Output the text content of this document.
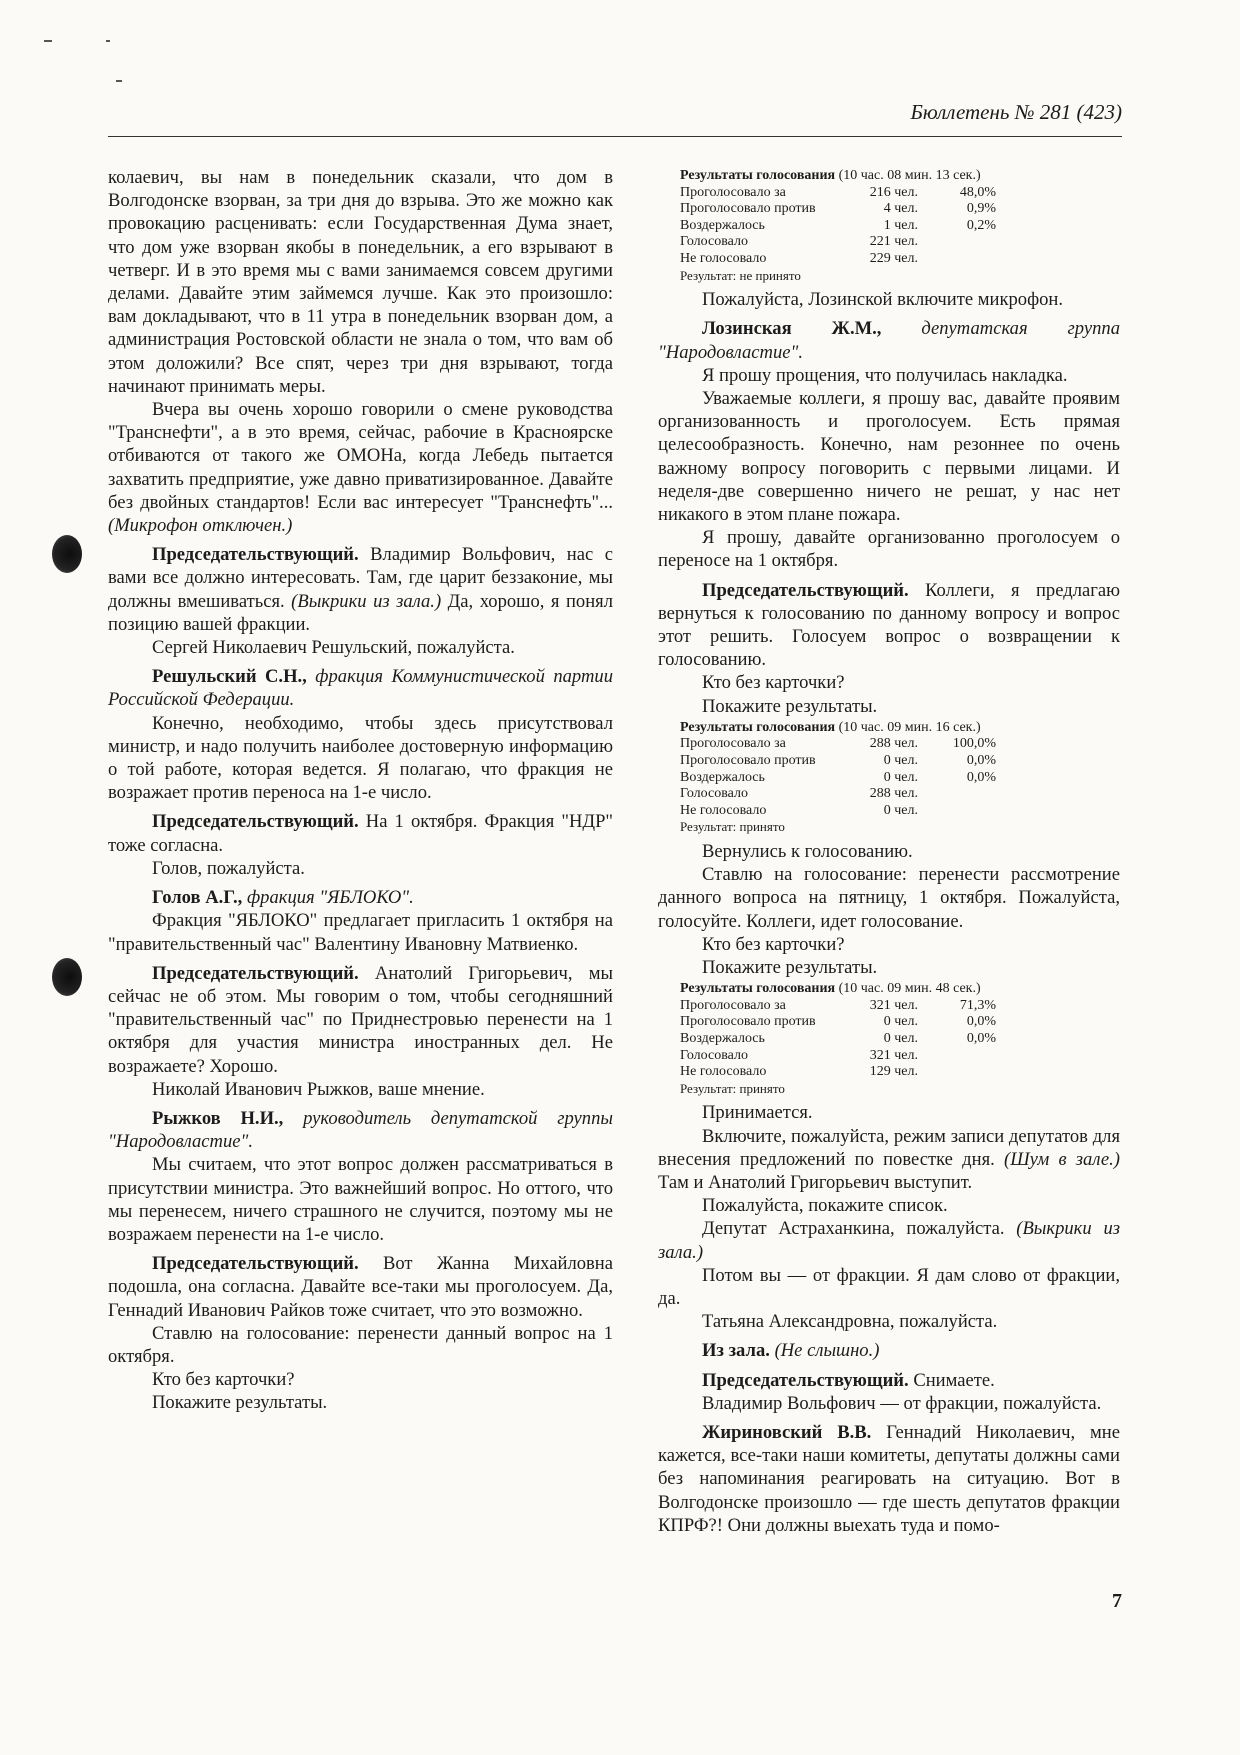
Бюллетень № 281 (423)

колаевич, вы нам в понедельник сказали, что дом в Волгодонске взорван, за три дня до взрыва. Это же можно как провокацию расценивать: если Государственная Дума знает, что дом уже взорван якобы в понедельник, а его взрывают в четверг. И в это время мы с вами занимаемся совсем другими делами. Давайте этим займемся лучше. Как это произошло: вам докладывают, что в 11 утра в понедельник взорван дом, а администрация Ростовской области не знала о том, что вам об этом доложили? Все спят, через три дня взрывают, тогда начинают принимать меры.

Вчера вы очень хорошо говорили о смене руководства "Транснефти", а в это время, сейчас, рабочие в Красноярске отбиваются от такого же ОМОНа, когда Лебедь пытается захватить предприятие, уже давно приватизированное. Давайте без двойных стандартов! Если вас интересует "Транснефть"... (Микрофон отключен.)

Председательствующий. Владимир Вольфович, нас с вами все должно интересовать. Там, где царит беззаконие, мы должны вмешиваться. (Выкрики из зала.) Да, хорошо, я понял позицию вашей фракции.

Сергей Николаевич Решульский, пожалуйста.

Решульский С.Н., фракция Коммунистической партии Российской Федерации.

Конечно, необходимо, чтобы здесь присутствовал министр, и надо получить наиболее достоверную информацию о той работе, которая ведется. Я полагаю, что фракция не возражает против переноса на 1-е число.

Председательствующий. На 1 октября. Фракция "НДР" тоже согласна.

Голов, пожалуйста.

Голов А.Г., фракция "ЯБЛОКО".

Фракция "ЯБЛОКО" предлагает пригласить 1 октября на "правительственный час" Валентину Ивановну Матвиенко.

Председательствующий. Анатолий Григорьевич, мы сейчас не об этом. Мы говорим о том, чтобы сегодняшний "правительственный час" по Приднестровью перенести на 1 октября для участия министра иностранных дел. Не возражаете? Хорошо.

Николай Иванович Рыжков, ваше мнение.

Рыжков Н.И., руководитель депутатской группы "Народовластие".

Мы считаем, что этот вопрос должен рассматриваться в присутствии министра. Это важнейший вопрос. Но оттого, что мы перенесем, ничего страшного не случится, поэтому мы не возражаем перенести на 1-е число.

Председательствующий. Вот Жанна Михайловна подошла, она согласна. Давайте все-таки мы проголосуем. Да, Геннадий Иванович Райков тоже считает, что это возможно.

Ставлю на голосование: перенести данный вопрос на 1 октября.

Кто без карточки?

Покажите результаты.

Результаты голосования (10 час. 08 мин. 13 сек.)
Проголосовало за	216 чел.	48,0%
Проголосовало против	4 чел.	0,9%
Воздержалось	1 чел.	0,2%
Голосовало	221 чел.
Не голосовало	229 чел.
Результат: не принято

Пожалуйста, Лозинской включите микрофон.

Лозинская Ж.М., депутатская группа "Народовластие".

Я прошу прощения, что получилась накладка.

Уважаемые коллеги, я прошу вас, давайте проявим организованность и проголосуем. Есть прямая целесообразность. Конечно, нам резоннее по очень важному вопросу поговорить с первыми лицами. И неделя-две совершенно ничего не решат, у нас нет никакого в этом плане пожара.

Я прошу, давайте организованно проголосуем о переносе на 1 октября.

Председательствующий. Коллеги, я предлагаю вернуться к голосованию по данному вопросу и вопрос этот решить. Голосуем вопрос о возвращении к голосованию.

Кто без карточки?

Покажите результаты.

Результаты голосования (10 час. 09 мин. 16 сек.)
Проголосовало за	288 чел.	100,0%
Проголосовало против	0 чел.	0,0%
Воздержалось	0 чел.	0,0%
Голосовало	288 чел.
Не голосовало	0 чел.
Результат: принято

Вернулись к голосованию.

Ставлю на голосование: перенести рассмотрение данного вопроса на пятницу, 1 октября. Пожалуйста, голосуйте. Коллеги, идет голосование.

Кто без карточки?

Покажите результаты.

Результаты голосования (10 час. 09 мин. 48 сек.)
Проголосовало за	321 чел.	71,3%
Проголосовало против	0 чел.	0,0%
Воздержалось	0 чел.	0,0%
Голосовало	321 чел.
Не голосовало	129 чел.
Результат: принято

Принимается.

Включите, пожалуйста, режим записи депутатов для внесения предложений по повестке дня. (Шум в зале.) Там и Анатолий Григорьевич выступит.

Пожалуйста, покажите список.

Депутат Астраханкина, пожалуйста. (Выкрики из зала.)

Потом вы — от фракции. Я дам слово от фракции, да.

Татьяна Александровна, пожалуйста.

Из зала. (Не слышно.)

Председательствующий. Снимаете.

Владимир Вольфович — от фракции, пожалуйста.

Жириновский В.В. Геннадий Николаевич, мне кажется, все-таки наши комитеты, депутаты должны сами без напоминания реагировать на ситуацию. Вот в Волгодонске произошло — где шесть депутатов фракции КПРФ?! Они должны выехать туда и помо-

7
